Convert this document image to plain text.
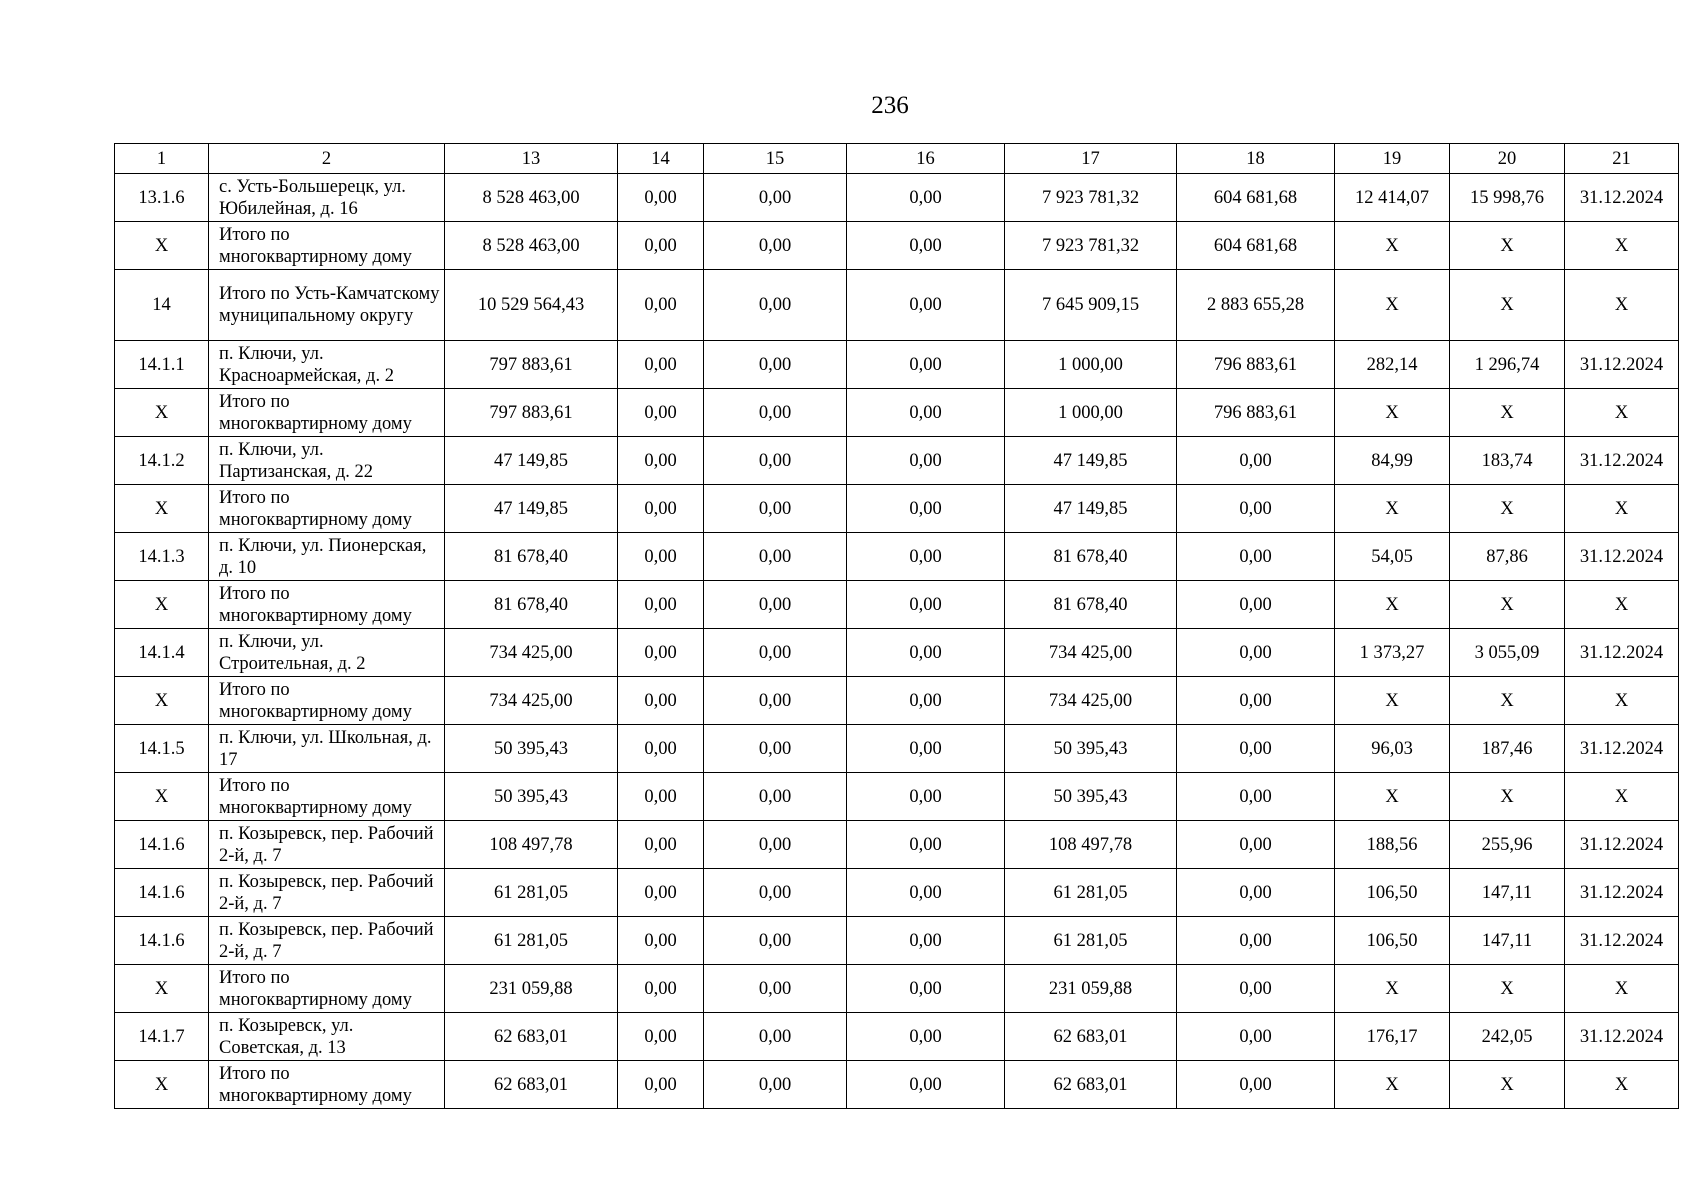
236
1	2	13	14	15	16	17	18	19	20	21
13.1.6	с. Усть-Большерецк, ул. Юбилейная, д. 16	8 528 463,00	0,00	0,00	0,00	7 923 781,32	604 681,68	12 414,07	15 998,76	31.12.2024
X	Итого по многоквартирному дому	8 528 463,00	0,00	0,00	0,00	7 923 781,32	604 681,68	X	X	X
14	Итого по Усть-Камчатскому муниципальному округу	10 529 564,43	0,00	0,00	0,00	7 645 909,15	2 883 655,28	X	X	X
14.1.1	п. Ключи, ул. Красноармейская, д. 2	797 883,61	0,00	0,00	0,00	1 000,00	796 883,61	282,14	1 296,74	31.12.2024
X	Итого по многоквартирному дому	797 883,61	0,00	0,00	0,00	1 000,00	796 883,61	X	X	X
14.1.2	п. Ключи, ул. Партизанская, д. 22	47 149,85	0,00	0,00	0,00	47 149,85	0,00	84,99	183,74	31.12.2024
X	Итого по многоквартирному дому	47 149,85	0,00	0,00	0,00	47 149,85	0,00	X	X	X
14.1.3	п. Ключи, ул. Пионерская, д. 10	81 678,40	0,00	0,00	0,00	81 678,40	0,00	54,05	87,86	31.12.2024
X	Итого по многоквартирному дому	81 678,40	0,00	0,00	0,00	81 678,40	0,00	X	X	X
14.1.4	п. Ключи, ул. Строительная, д. 2	734 425,00	0,00	0,00	0,00	734 425,00	0,00	1 373,27	3 055,09	31.12.2024
X	Итого по многоквартирному дому	734 425,00	0,00	0,00	0,00	734 425,00	0,00	X	X	X
14.1.5	п. Ключи, ул. Школьная, д. 17	50 395,43	0,00	0,00	0,00	50 395,43	0,00	96,03	187,46	31.12.2024
X	Итого по многоквартирному дому	50 395,43	0,00	0,00	0,00	50 395,43	0,00	X	X	X
14.1.6	п. Козыревск, пер. Рабочий 2-й, д. 7	108 497,78	0,00	0,00	0,00	108 497,78	0,00	188,56	255,96	31.12.2024
14.1.6	п. Козыревск, пер. Рабочий 2-й, д. 7	61 281,05	0,00	0,00	0,00	61 281,05	0,00	106,50	147,11	31.12.2024
14.1.6	п. Козыревск, пер. Рабочий 2-й, д. 7	61 281,05	0,00	0,00	0,00	61 281,05	0,00	106,50	147,11	31.12.2024
X	Итого по многоквартирному дому	231 059,88	0,00	0,00	0,00	231 059,88	0,00	X	X	X
14.1.7	п. Козыревск, ул. Советская, д. 13	62 683,01	0,00	0,00	0,00	62 683,01	0,00	176,17	242,05	31.12.2024
X	Итого по многоквартирному дому	62 683,01	0,00	0,00	0,00	62 683,01	0,00	X	X	X
